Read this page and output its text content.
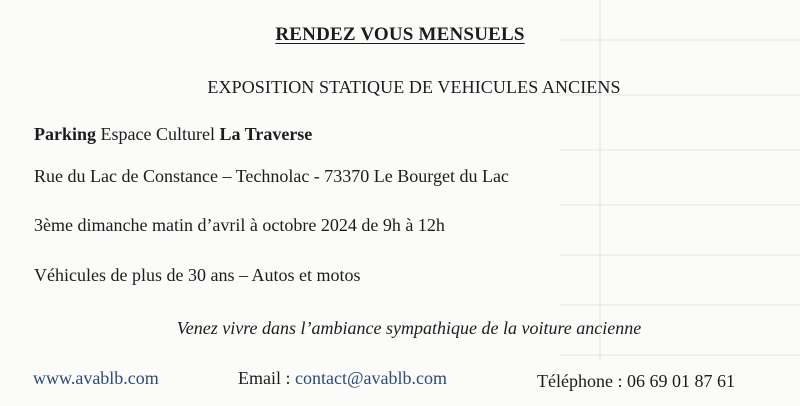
RENDEZ VOUS MENSUELS
EXPOSITION STATIQUE DE VEHICULES ANCIENS
Parking Espace Culturel La Traverse
Rue du Lac de Constance – Technolac - 73370 Le Bourget du Lac
3ème dimanche matin d’avril à octobre 2024 de 9h à 12h
Véhicules de plus de 30 ans – Autos et motos
Venez vivre dans l’ambiance sympathique de la voiture ancienne
www.avablb.com	Email : contact@avablb.com	Téléphone : 06 69 01 87 61
